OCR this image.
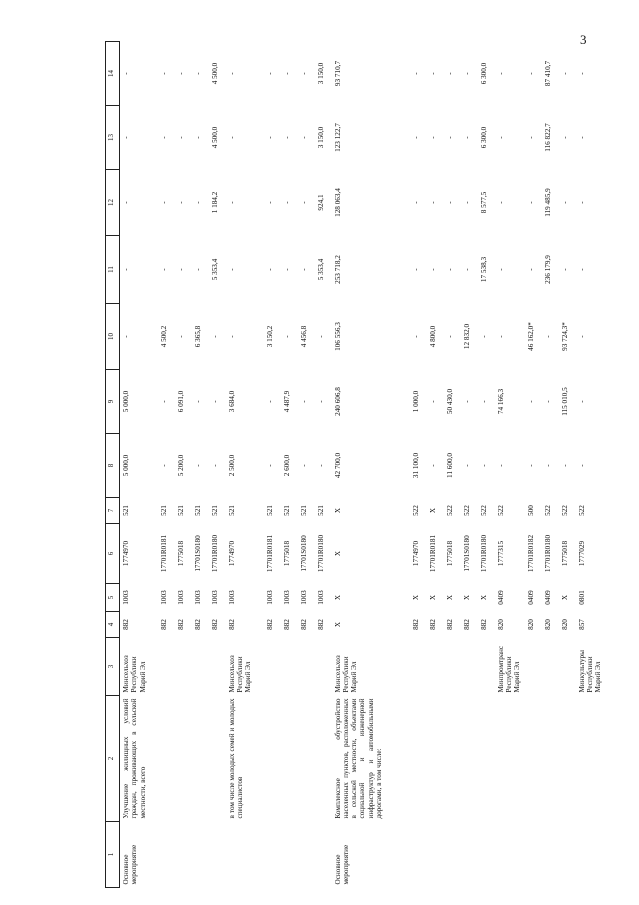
3
1	2	3	4	5	6	7	8	9	10	11	12	13	14
Основное мероприятие	Улучшение жилищных условий граждан, проживающих в сельской местности, всего	Минсельхоз Республики Марий Эл	882	1003	1774970	521	5 000,0	5 000,0	-	-	-	-	-
			882	1003	17701R0181	521	-	-	4 500,2	-	-	-	-
			882	1003	1775018	521	5 200,0	6 091,0	-	-	-	-	-
			882	1003	17701S0180	521	-	-	6 365,8	-	-	-	-
			882	1003	17701R0180	521	-	-	-	5 353,4	1 184,2	4 500,0	4 500,0
	в том числе молодых семей и молодых специалистов	Минсельхоз Республики Марий Эл	882	1003	1774970	521	2 500,0	3 684,0	-	-	-	-	-
			882	1003	17701R0181	521	-	-	3 150,2	-	-	-	-
			882	1003	1775018	521	2 600,0	4 487,9	-	-	-	-	-
			882	1003	17701S0180	521	-	-	4 456,8	-	-	-	-
			882	1003	17701R0180	521	-	-	-	5 353,4	924,1	3 150,0	3 150,0
Основное мероприятие	Комплексное обустройство населенных пунктов, расположенных в сельской местности, объектами социальной и инженерной инфраструктур и автомобильными дорогами, в том числе:	Минсельхоз Республики Марий Эл	Х	Х	Х	Х	42 700,0	240 606,8	106 556,3	253 718,2	128 063,4	123 122,7	93 710,7
			882	Х	1774970	522	31 100,0	1 000,0	-	-	-	-	-
			882	Х	17701R0181	Х	-	-	4 800,0	-	-	-	-
			882	Х	1775018	522	11 600,0	50 430,0	-	-	-	-	-
			882	Х	17701S0180	522	-	-	12 832,0	-	-	-	-
			882	Х	17701R0180	522	-	-	-	17 538,3	8 577,5	6 300,0	6 300,0
		Минпромтранс Республики Марий Эл	820	0409	1777315	522	-	74 166,3	-	-	-	-	-
			820	0409	17701R0182	500	-	-	46 162,0*	-	-	-	-
			820	0409	17701R0180	522	-	-	-	236 179,9	119 485,9	116 822,7	87 410,7
			820	Х	1775018	522	-	115 010,5	93 724,3*	-	-	-	-
		Минкультуры Республики Марий Эл	857	0801	1777029	522	-	-	-	-	-	-	-
